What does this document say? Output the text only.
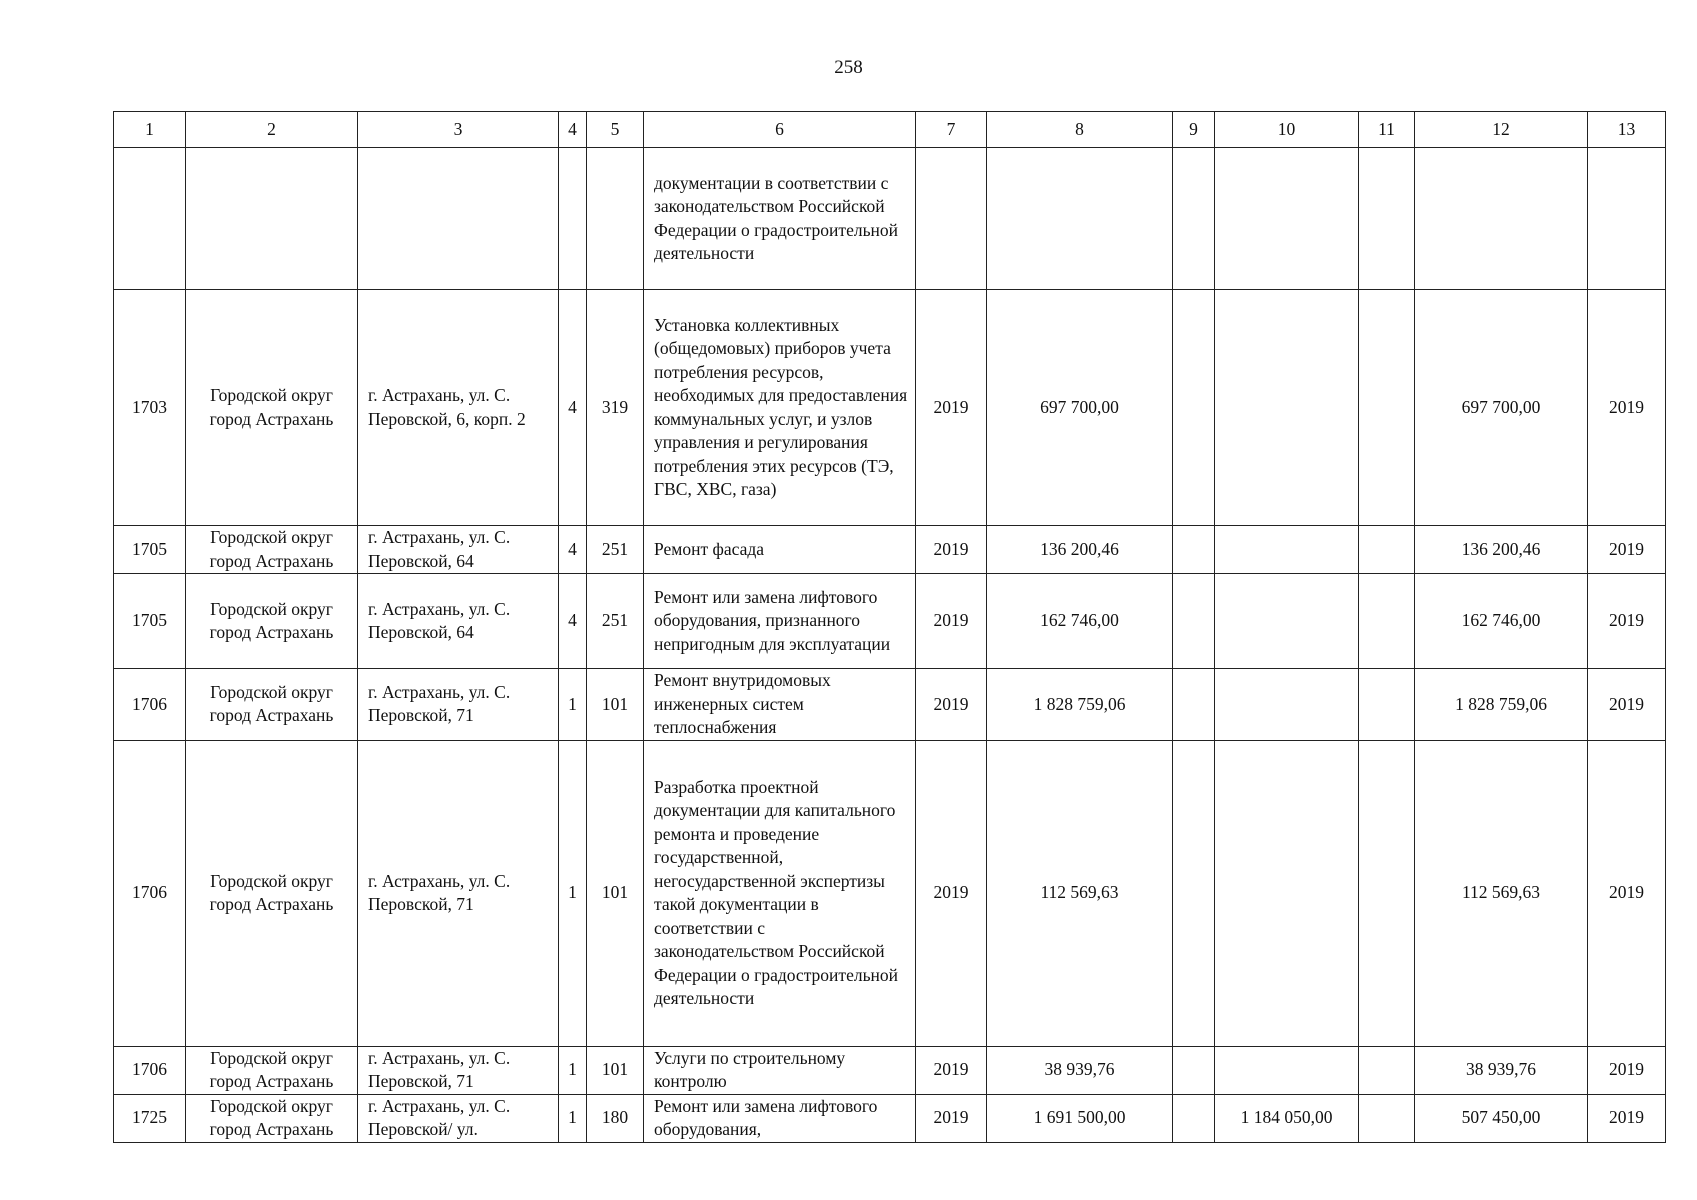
258
1	2	3	4	5	6	7	8	9	10	11	12	13
					документации в соответствии с законодательством Российской Федерации о градостроительной деятельности							
1703	Городской округ город Астрахань	г. Астрахань, ул. С. Перовской, 6, корп. 2	4	319	Установка коллективных (общедомовых) приборов учета потребления ресурсов, необходимых для предоставления коммунальных услуг, и узлов управления и регулирования потребления этих ресурсов (ТЭ, ГВС, ХВС, газа)	2019	697 700,00				697 700,00	2019
1705	Городской округ город Астрахань	г. Астрахань, ул. С. Перовской, 64	4	251	Ремонт фасада	2019	136 200,46				136 200,46	2019
1705	Городской округ город Астрахань	г. Астрахань, ул. С. Перовской, 64	4	251	Ремонт или замена лифтового оборудования, признанного непригодным для эксплуатации	2019	162 746,00				162 746,00	2019
1706	Городской округ город Астрахань	г. Астрахань, ул. С. Перовской, 71	1	101	Ремонт внутридомовых инженерных систем теплоснабжения	2019	1 828 759,06				1 828 759,06	2019
1706	Городской округ город Астрахань	г. Астрахань, ул. С. Перовской, 71	1	101	Разработка проектной документации для капитального ремонта и проведение государственной, негосударственной экспертизы такой документации в соответствии с законодательством Российской Федерации о градостроительной деятельности	2019	112 569,63				112 569,63	2019
1706	Городской округ город Астрахань	г. Астрахань, ул. С. Перовской, 71	1	101	Услуги по строительному контролю	2019	38 939,76				38 939,76	2019
1725	Городской округ город Астрахань	г. Астрахань, ул. С. Перовской/ ул.	1	180	Ремонт или замена лифтового оборудования,	2019	1 691 500,00		1 184 050,00		507 450,00	2019
